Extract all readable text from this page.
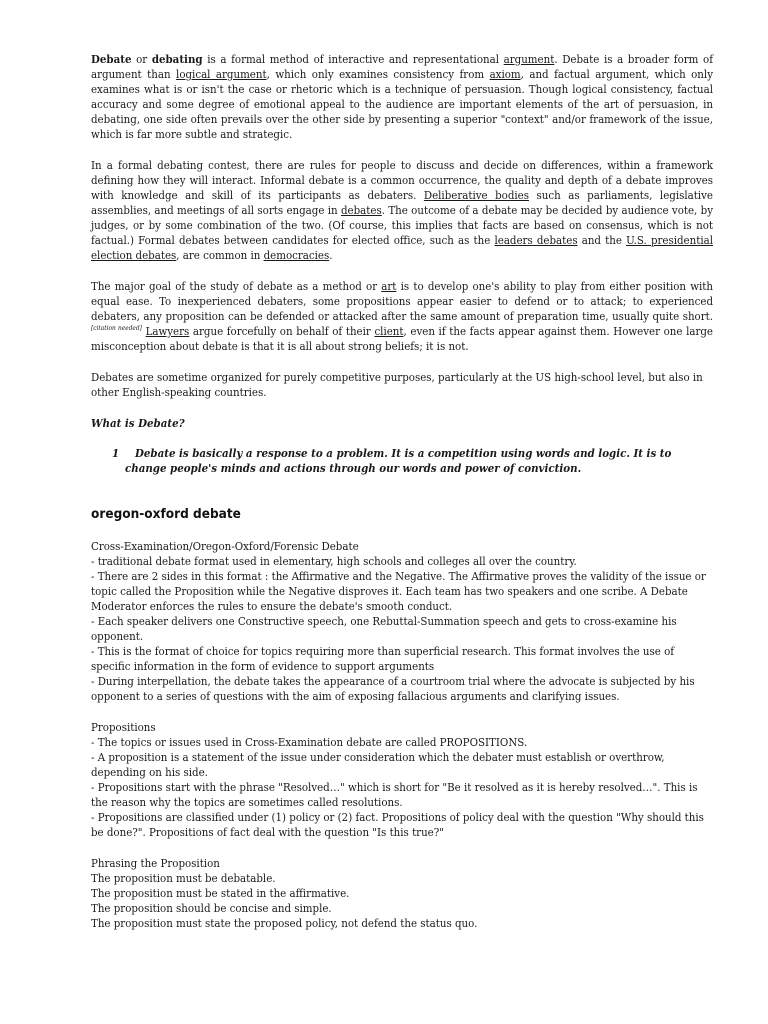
Debate or debating is a formal method of interactive and representational argument. Debate is a broader form of argument than logical argument, which only examines consistency from axiom, and factual argument, which only examines what is or isn't the case or rhetoric which is a technique of persuasion. Though logical consistency, factual accuracy and some degree of emotional appeal to the audience are important elements of the art of persuasion, in debating, one side often prevails over the other side by presenting a superior "context" and/or framework of the issue, which is far more subtle and strategic.

In a formal debating contest, there are rules for people to discuss and decide on differences, within a framework defining how they will interact. Informal debate is a common occurrence, the quality and depth of a debate improves with knowledge and skill of its participants as debaters. Deliberative bodies such as parliaments, legislative assemblies, and meetings of all sorts engage in debates. The outcome of a debate may be decided by audience vote, by judges, or by some combination of the two. (Of course, this implies that facts are based on consensus, which is not factual.) Formal debates between candidates for elected office, such as the leaders debates and the U.S. presidential election debates, are common in democracies.

The major goal of the study of debate as a method or art is to develop one's ability to play from either position with equal ease. To inexperienced debaters, some propositions appear easier to defend or to attack; to experienced debaters, any proposition can be defended or attacked after the same amount of preparation time, usually quite short.[citation needed] Lawyers argue forcefully on behalf of their client, even if the facts appear against them. However one large misconception about debate is that it is all about strong beliefs; it is not.

Debates are sometime organized for purely competitive purposes, particularly at the US high-school level, but also in other English-speaking countries.

What is Debate?

1	Debate is basically a response to a problem. It is a competition using words and logic. It is to change people's minds and actions through our words and power of conviction.
oregon-oxford debate
Cross-Examination/Oregon-Oxford/Forensic Debate
- traditional debate format used in elementary, high schools and colleges all over the country.
- There are 2 sides in this format : the Affirmative and the Negative. The Affirmative proves the validity of the issue or topic called the Proposition while the Negative disproves it. Each team has two speakers and one scribe. A Debate Moderator enforces the rules to ensure the debate's smooth conduct.
- Each speaker delivers one Constructive speech, one Rebuttal-Summation speech and gets to cross-examine his opponent.
- This is the format of choice for topics requiring more than superficial research. This format involves the use of specific information in the form of evidence to support arguments
- During interpellation, the debate takes the appearance of a courtroom trial where the advocate is subjected by his opponent to a series of questions with the aim of exposing fallacious arguments and clarifying issues.
Propositions
- The topics or issues used in Cross-Examination debate are called PROPOSITIONS.
- A proposition is a statement of the issue under consideration which the debater must establish or overthrow, depending on his side.
- Propositions start with the phrase "Resolved…" which is short for "Be it resolved as it is hereby resolved…". This is the reason why the topics are sometimes called resolutions.
- Propositions are classified under (1) policy or (2) fact. Propositions of policy deal with the question "Why should this be done?". Propositions of fact deal with the question "Is this true?"
Phrasing the Proposition
The proposition must be debatable.
The proposition must be stated in the affirmative.
The proposition should be concise and simple.
The proposition must state the proposed policy, not defend the status quo.
